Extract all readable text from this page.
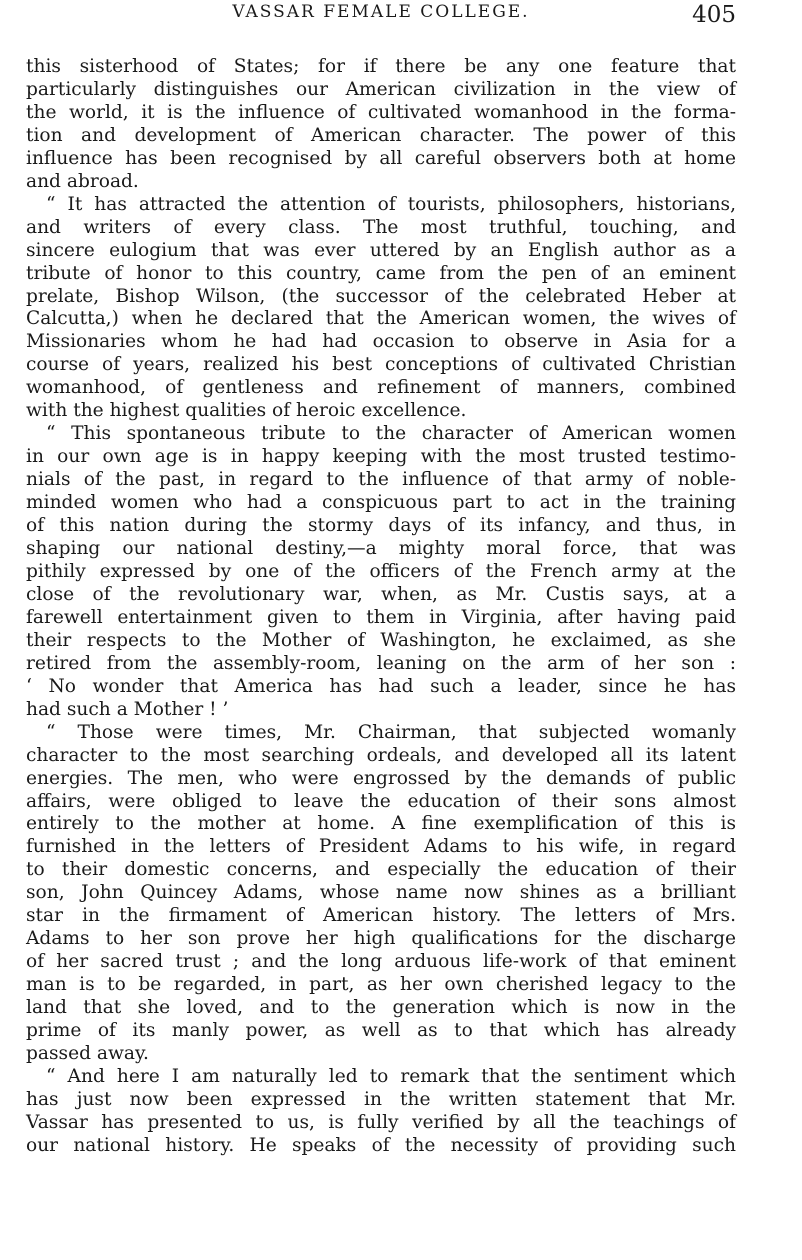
VASSAR FEMALE COLLEGE.	405

this sisterhood of States; for if there be any one feature that
particularly distinguishes our American civilization in the view of
the world, it is the influence of cultivated womanhood in the forma-
tion and development of American character. The power of this
influence has been recognised by all careful observers both at home
and abroad.

“ It has attracted the attention of tourists, philosophers, historians,
and writers of every class. The most truthful, touching, and
sincere eulogium that was ever uttered by an English author as a
tribute of honor to this country, came from the pen of an eminent
prelate, Bishop Wilson, (the successor of the celebrated Heber at
Calcutta,) when he declared that the American women, the wives of
Missionaries whom he had had occasion to observe in Asia for a
course of years, realized his best conceptions of cultivated Christian
womanhood, of gentleness and refinement of manners, combined
with the highest qualities of heroic excellence.

“ This spontaneous tribute to the character of American women
in our own age is in happy keeping with the most trusted testimo-
nials of the past, in regard to the influence of that army of noble-
minded women who had a conspicuous part to act in the training
of this nation during the stormy days of its infancy, and thus, in
shaping our national destiny,—a mighty moral force, that was
pithily expressed by one of the officers of the French army at the
close of the revolutionary war, when, as Mr. Custis says, at a
farewell entertainment given to them in Virginia, after having paid
their respects to the Mother of Washington, he exclaimed, as she
retired from the assembly-room, leaning on the arm of her son :
‘ No wonder that America has had such a leader, since he has
had such a Mother ! ’

“ Those were times, Mr. Chairman, that subjected womanly
character to the most searching ordeals, and developed all its latent
energies. The men, who were engrossed by the demands of public
affairs, were obliged to leave the education of their sons almost
entirely to the mother at home. A fine exemplification of this is
furnished in the letters of President Adams to his wife, in regard
to their domestic concerns, and especially the education of their
son, John Quincey Adams, whose name now shines as a brilliant
star in the firmament of American history. The letters of Mrs.
Adams to her son prove her high qualifications for the discharge
of her sacred trust ; and the long arduous life-work of that eminent
man is to be regarded, in part, as her own cherished legacy to the
land that she loved, and to the generation which is now in the
prime of its manly power, as well as to that which has already
passed away.

“ And here I am naturally led to remark that the sentiment which
has just now been expressed in the written statement that Mr.
Vassar has presented to us, is fully verified by all the teachings of
our national history. He speaks of the necessity of providing such
